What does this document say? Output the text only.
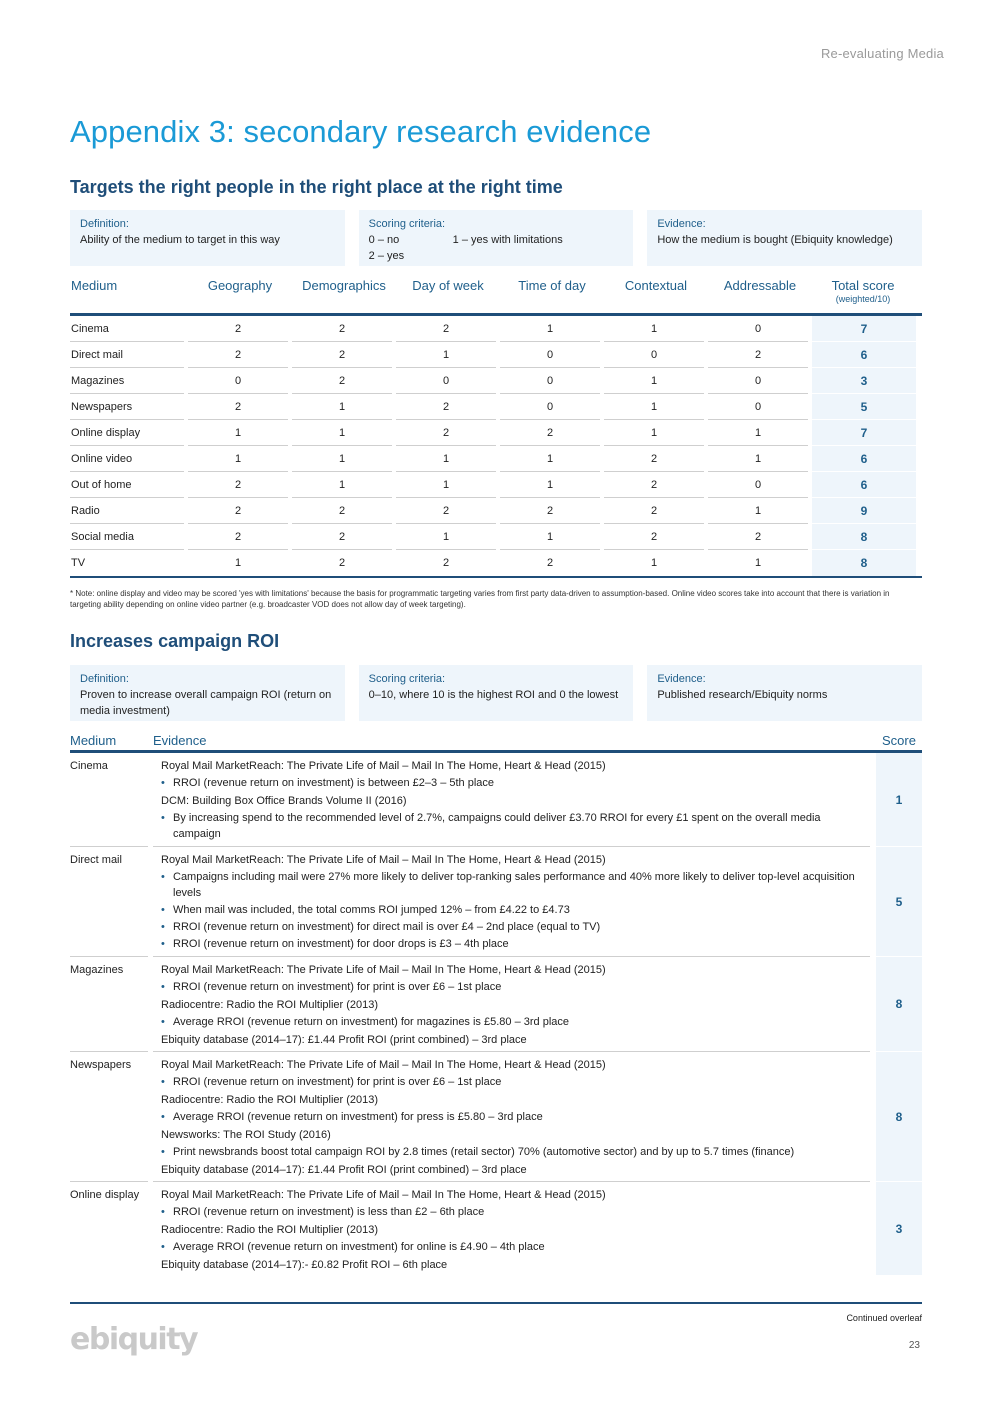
Re-evaluating Media
Appendix 3: secondary research evidence
Targets the right people in the right place at the right time
Definition:
Ability of the medium to target in this way
Scoring criteria:
0 – no	1 – yes with limitations
2 – yes
Evidence:
How the medium is bought (Ebiquity knowledge)
Medium	Geography	Demographics	Day of week	Time of day	Contextual	Addressable	Total score
(weighted/10)
Cinema	2	2	2	1	1	0	7
Direct mail	2	2	1	0	0	2	6
Magazines	0	2	0	0	1	0	3
Newspapers	2	1	2	0	1	0	5
Online display	1	1	2	2	1	1	7
Online video	1	1	1	1	2	1	6
Out of home	2	1	1	1	2	0	6
Radio	2	2	2	2	2	1	9
Social media	2	2	1	1	2	2	8
TV	1	2	2	2	1	1	8
* Note: online display and video may be scored 'yes with limitations' because the basis for programmatic targeting varies from first party data-driven to assumption-based. Online video scores take into account that there is variation in targeting ability depending on online video partner (e.g. broadcaster VOD does not allow day of week targeting).
Increases campaign ROI
Definition:
Proven to increase overall campaign ROI (return on media investment)
Scoring criteria:
0–10, where 10 is the highest ROI and 0 the lowest
Evidence:
Published research/Ebiquity norms
Medium	Evidence	Score
Cinema	Royal Mail MarketReach: The Private Life of Mail – Mail In The Home, Heart & Head (2015)
• RROI (revenue return on investment) is between £2–3 – 5th place
DCM: Building Box Office Brands Volume II (2016)
• By increasing spend to the recommended level of 2.7%, campaigns could deliver £3.70 RROI for every £1 spent on the overall media campaign
1
Direct mail	Royal Mail MarketReach: The Private Life of Mail – Mail In The Home, Heart & Head (2015)
• Campaigns including mail were 27% more likely to deliver top-ranking sales performance and 40% more likely to deliver top-level acquisition levels
• When mail was included, the total comms ROI jumped 12% – from £4.22 to £4.73
• RROI (revenue return on investment) for direct mail is over £4 – 2nd place (equal to TV)
• RROI (revenue return on investment) for door drops is £3 – 4th place
5
Magazines	Royal Mail MarketReach: The Private Life of Mail – Mail In The Home, Heart & Head (2015)
• RROI (revenue return on investment) for print is over £6 – 1st place
Radiocentre: Radio the ROI Multiplier (2013)
• Average RROI (revenue return on investment) for magazines is £5.80 – 3rd place
Ebiquity database (2014–17): £1.44 Profit ROI (print combined) – 3rd place
8
Newspapers	Royal Mail MarketReach: The Private Life of Mail – Mail In The Home, Heart & Head (2015)
• RROI (revenue return on investment) for print is over £6 – 1st place
Radiocentre: Radio the ROI Multiplier (2013)
• Average RROI (revenue return on investment) for press is £5.80 – 3rd place
Newsworks: The ROI Study (2016)
• Print newsbrands boost total campaign ROI by 2.8 times (retail sector) 70% (automotive sector) and by up to 5.7 times (finance)
Ebiquity database (2014–17): £1.44 Profit ROI (print combined) – 3rd place
8
Online display	Royal Mail MarketReach: The Private Life of Mail – Mail In The Home, Heart & Head (2015)
• RROI (revenue return on investment) is less than £2 – 6th place
Radiocentre: Radio the ROI Multiplier (2013)
• Average RROI (revenue return on investment) for online is £4.90 – 4th place
Ebiquity database (2014–17):- £0.82 Profit ROI – 6th place
3
Continued overleaf
ebiquity	23
